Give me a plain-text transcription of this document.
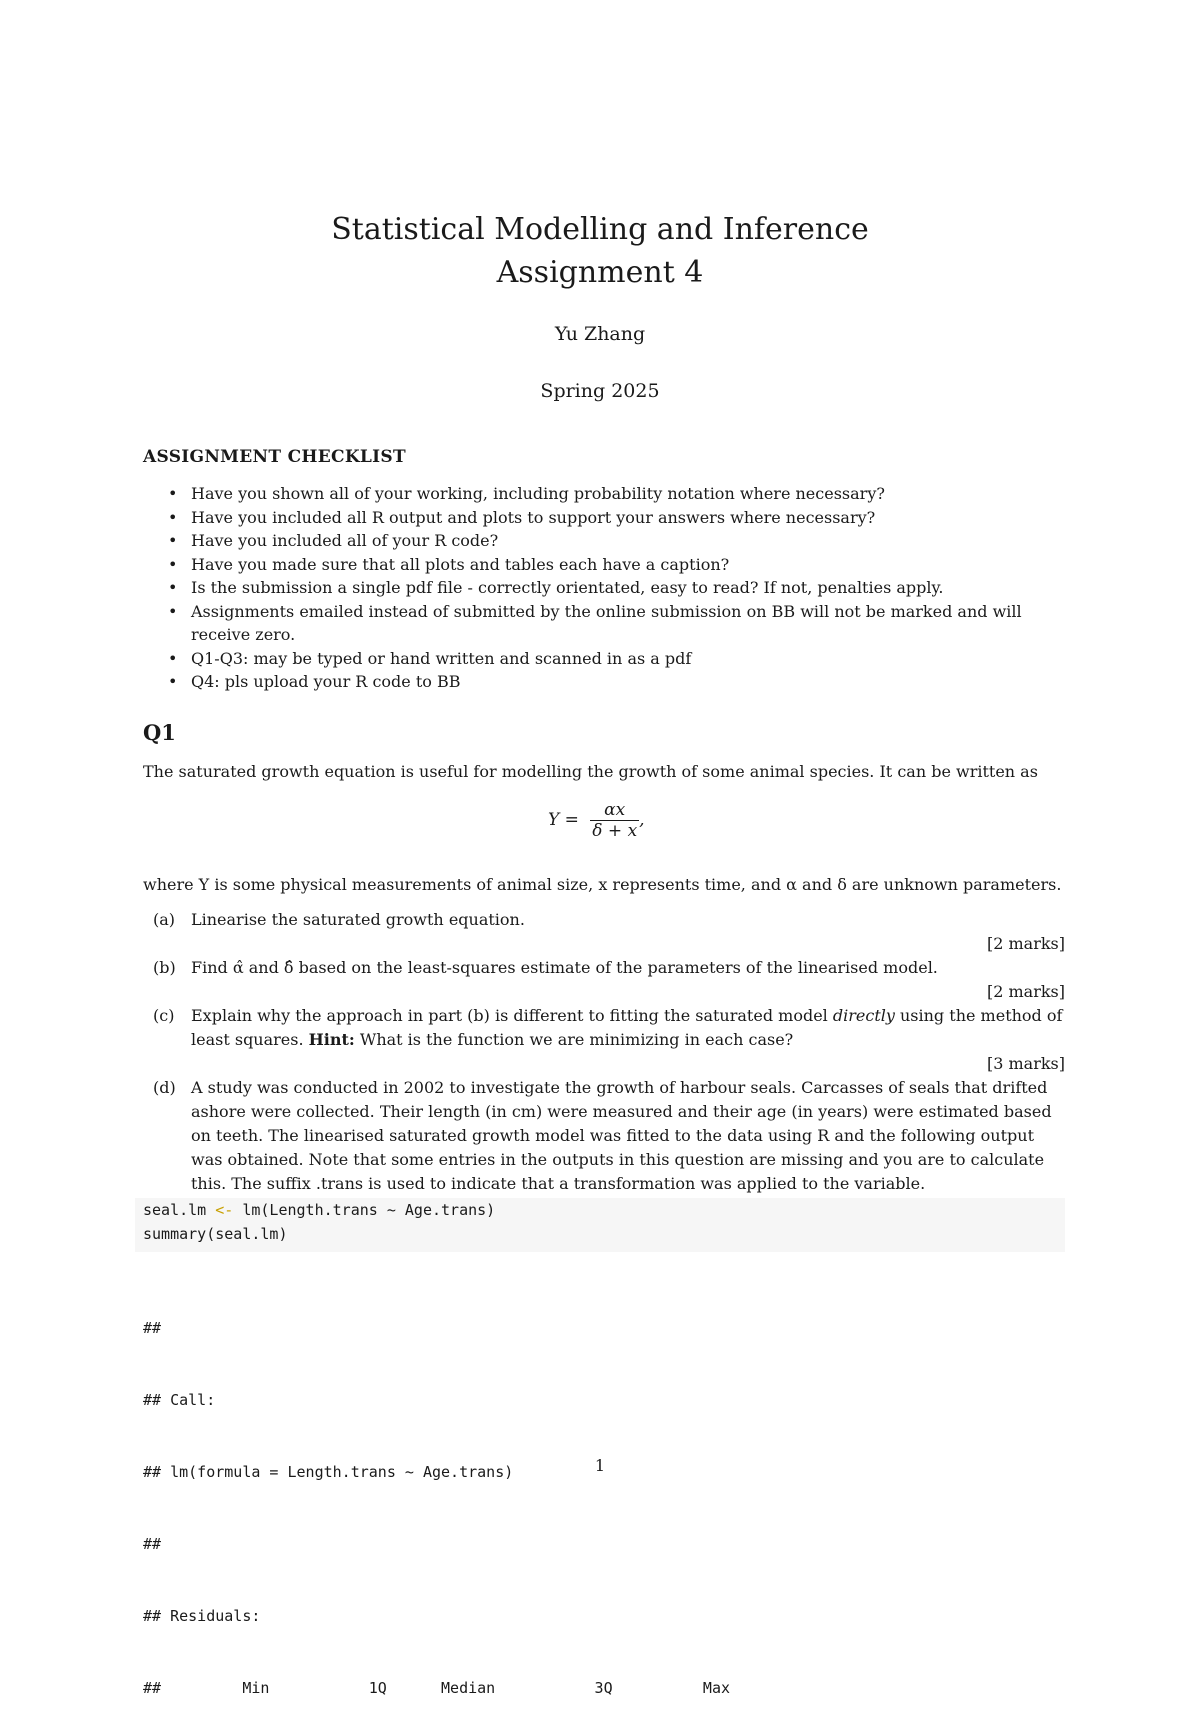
Statistical Modelling and Inference
Assignment 4
Yu Zhang
Spring 2025
ASSIGNMENT CHECKLIST
• Have you shown all of your working, including probability notation where necessary?
• Have you included all R output and plots to support your answers where necessary?
• Have you included all of your R code?
• Have you made sure that all plots and tables each have a caption?
• Is the submission a single pdf file - correctly orientated, easy to read? If not, penalties apply.
• Assignments emailed instead of submitted by the online submission on BB will not be marked and will receive zero.
• Q1-Q3: may be typed or hand written and scanned in as a pdf
• Q4: pls upload your R code to BB
Q1
The saturated growth equation is useful for modelling the growth of some animal species. It can be written as
$Y = \frac{\alpha x}{\delta + x}$ ,
where Y is some physical measurements of animal size, x represents time, and α and δ are unknown parameters.
(a) Linearise the saturated growth equation.
[2 marks]
(b) Find α̂ and δ̂ based on the least-squares estimate of the parameters of the linearised model.
[2 marks]
(c) Explain why the approach in part (b) is different to fitting the saturated model directly using the method of least squares. Hint: What is the function we are minimizing in each case?
[3 marks]
(d) A study was conducted in 2002 to investigate the growth of harbour seals. Carcasses of seals that drifted ashore were collected. Their length (in cm) were measured and their age (in years) were estimated based on teeth. The linearised saturated growth model was fitted to the data using R and the following output was obtained. Note that some entries in the outputs in this question are missing and you are to calculate this. The suffix .trans is used to indicate that a transformation was applied to the variable.
seal.lm <- lm(Length.trans ~ Age.trans)
summary(seal.lm)

##

## Call:

## lm(formula = Length.trans ~ Age.trans)

##

## Residuals:

##         Min           1Q      Median           3Q          Max

1
